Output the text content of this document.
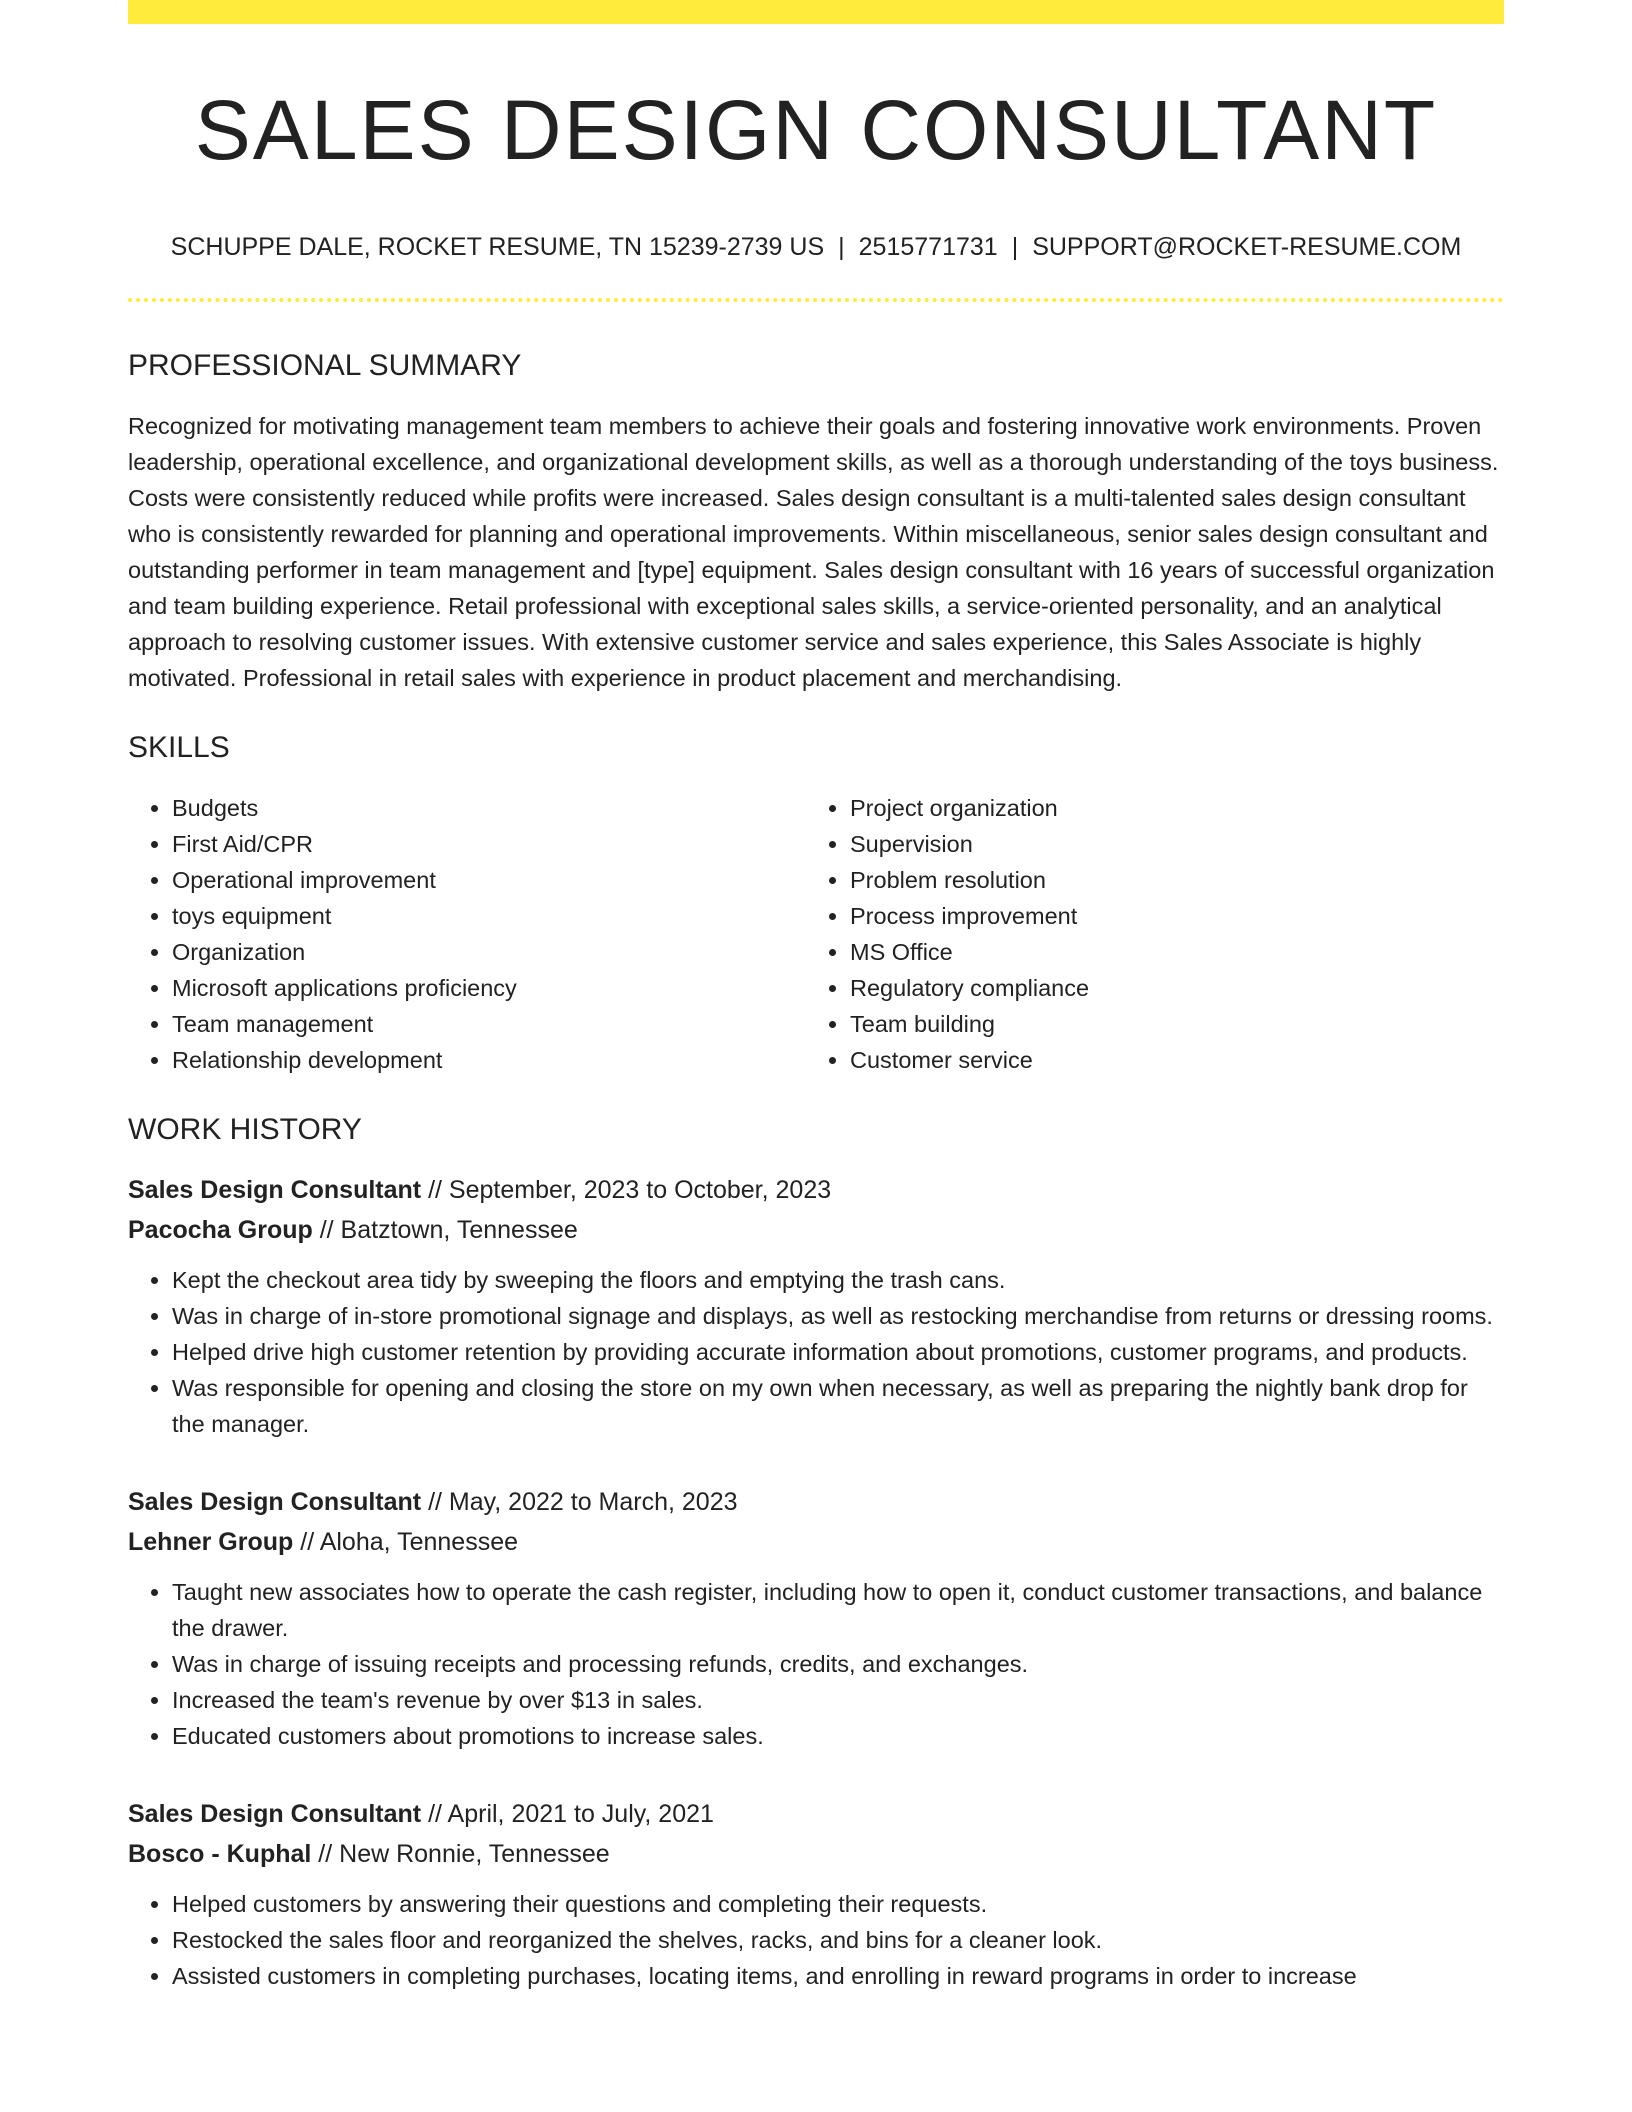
SALES DESIGN CONSULTANT
SCHUPPE DALE, ROCKET RESUME, TN 15239-2739 US | 2515771731 | SUPPORT@ROCKET-RESUME.COM
PROFESSIONAL SUMMARY

Recognized for motivating management team members to achieve their goals and fostering innovative work environments. Proven leadership, operational excellence, and organizational development skills, as well as a thorough understanding of the toys business. Costs were consistently reduced while profits were increased. Sales design consultant is a multi-talented sales design consultant who is consistently rewarded for planning and operational improvements. Within miscellaneous, senior sales design consultant and outstanding performer in team management and [type] equipment. Sales design consultant with 16 years of successful organization and team building experience. Retail professional with exceptional sales skills, a service-oriented personality, and an analytical approach to resolving customer issues. With extensive customer service and sales experience, this Sales Associate is highly motivated. Professional in retail sales with experience in product placement and merchandising.

SKILLS
• Budgets
• First Aid/CPR
• Operational improvement
• toys equipment
• Organization
• Microsoft applications proficiency
• Team management
• Relationship development
• Project organization
• Supervision
• Problem resolution
• Process improvement
• MS Office
• Regulatory compliance
• Team building
• Customer service
WORK HISTORY
Sales Design Consultant // September, 2023 to October, 2023
Pacocha Group // Batztown, Tennessee
• Kept the checkout area tidy by sweeping the floors and emptying the trash cans.
• Was in charge of in-store promotional signage and displays, as well as restocking merchandise from returns or dressing rooms.
• Helped drive high customer retention by providing accurate information about promotions, customer programs, and products.
• Was responsible for opening and closing the store on my own when necessary, as well as preparing the nightly bank drop for the manager.
Sales Design Consultant // May, 2022 to March, 2023
Lehner Group // Aloha, Tennessee
• Taught new associates how to operate the cash register, including how to open it, conduct customer transactions, and balance the drawer.
• Was in charge of issuing receipts and processing refunds, credits, and exchanges.
• Increased the team's revenue by over $13 in sales.
• Educated customers about promotions to increase sales.
Sales Design Consultant // April, 2021 to July, 2021
Bosco - Kuphal // New Ronnie, Tennessee
• Helped customers by answering their questions and completing their requests.
• Restocked the sales floor and reorganized the shelves, racks, and bins for a cleaner look.
• Assisted customers in completing purchases, locating items, and enrolling in reward programs in order to increase
